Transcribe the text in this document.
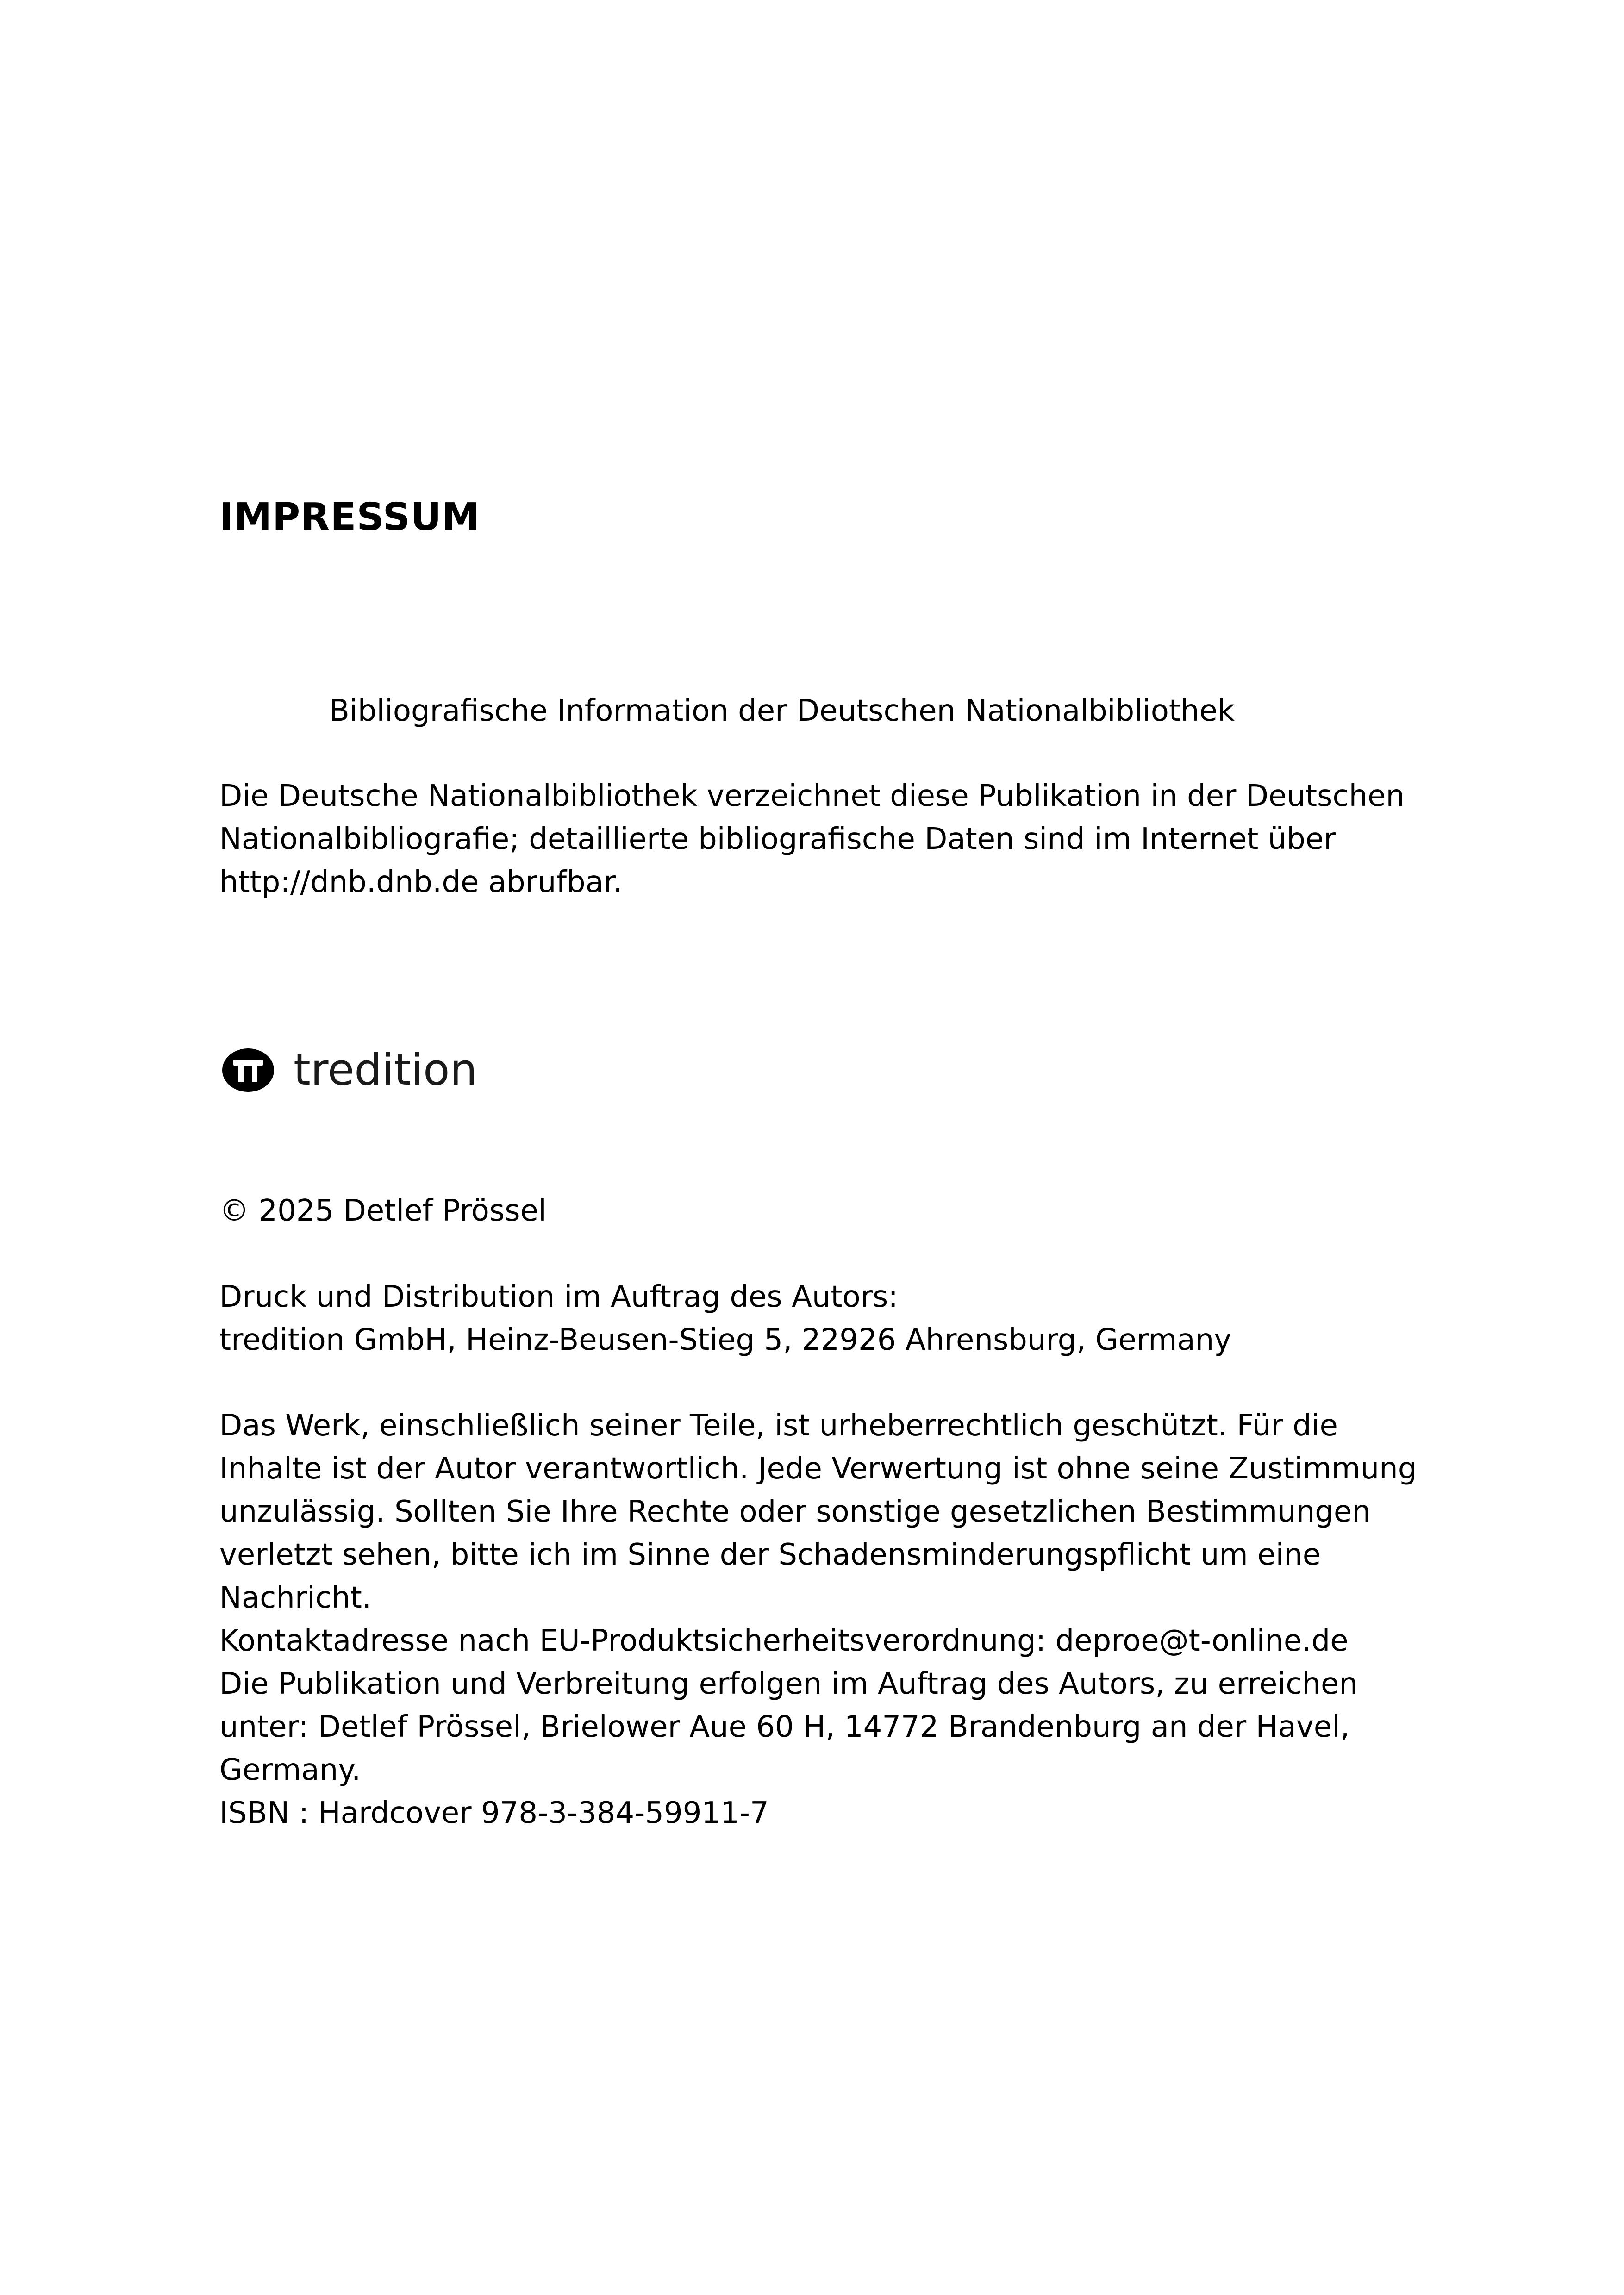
IMPRESSUM
Bibliografische Information der Deutschen Nationalbibliothek
Die Deutsche Nationalbibliothek verzeichnet diese Publikation in der Deutschen
Nationalbibliografie; detaillierte bibliografische Daten sind im Internet über
http://dnb.dnb.de abrufbar.
tredition
© 2025 Detlef Prössel
Druck und Distribution im Auftrag des Autors:
tredition GmbH, Heinz-Beusen-Stieg 5, 22926 Ahrensburg, Germany
Das Werk, einschließlich seiner Teile, ist urheberrechtlich geschützt. Für die
Inhalte ist der Autor verantwortlich. Jede Verwertung ist ohne seine Zustimmung
unzulässig. Sollten Sie Ihre Rechte oder sonstige gesetzlichen Bestimmungen
verletzt sehen, bitte ich im Sinne der Schadensminderungspflicht um eine
Nachricht.
Kontaktadresse nach EU-Produktsicherheitsverordnung: deproe@t-online.de
Die Publikation und Verbreitung erfolgen im Auftrag des Autors, zu erreichen
unter: Detlef Prössel, Brielower Aue 60 H, 14772 Brandenburg an der Havel,
Germany.
ISBN : Hardcover 978-3-384-59911-7
